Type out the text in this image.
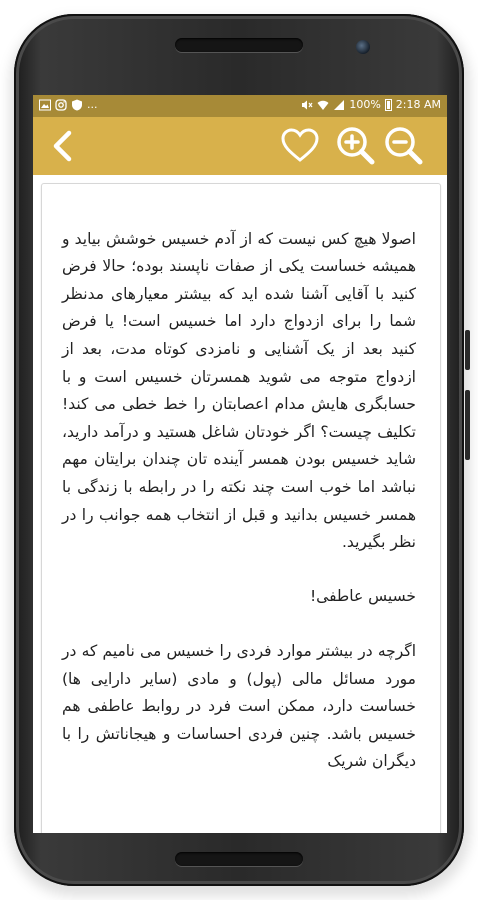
...	100% 2:18 AM

اصولا هیچ کس نیست که از آدم خسیس خوشش بیاید و همیشه خساست یکی از صفات ناپسند بوده؛ حالا فرض کنید با آقایی آشنا شده اید که بیشتر معیارهای مدنظر شما را برای ازدواج دارد اما خسیس است! یا فرض کنید بعد از یک آشنایی و نامزدی کوتاه مدت، بعد از ازدواج متوجه می شوید همسرتان خسیس است و با حسابگری هایش مدام اعصابتان را خط خطی می کند! تکلیف چیست؟ اگر خودتان شاغل هستید و درآمد دارید، شاید خسیس بودن همسر آینده تان چندان برایتان مهم نباشد اما خوب است چند نکته را در رابطه با زندگی با همسر خسیس بدانید و قبل از انتخاب همه جوانب را در نظر بگیرید.

خسیس عاطفی!

اگرچه در بیشتر موارد فردی را خسیس می نامیم که در مورد مسائل مالی (پول) و مادی (سایر دارایی ها) خساست دارد، ممکن است فرد در روابط عاطفی هم خسیس باشد. چنین فردی احساسات و هیجاناتش را با دیگران شریک
